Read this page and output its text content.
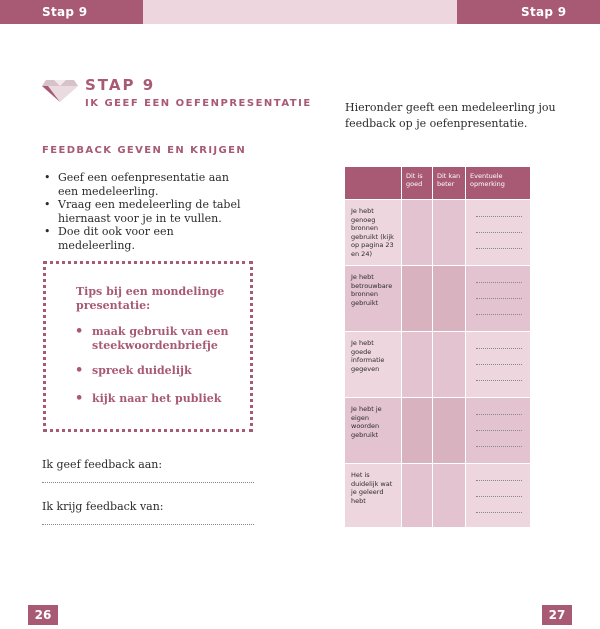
Stap 9	Stap 9
STAP 9
IK GEEF EEN OEFENPRESENTATIE
FEEDBACK GEVEN EN KRIJGEN
• Geef een oefenpresentatie aan een medeleerling.
• Vraag een medeleerling de tabel hiernaast voor je in te vullen.
• Doe dit ook voor een medeleerling.
Tips bij een mondelinge presentatie:
• maak gebruik van een steekwoordenbriefje
• spreek duidelijk
• kijk naar het publiek
Ik geef feedback aan:
Ik krijg feedback van:
Hieronder geeft een medeleerling jou feedback op je oefenpresentatie.
Dit is goed
Dit kan beter
Eventuele opmerking
Je hebt genoeg bronnen gebruikt (kijk op pagina 23 en 24)
Je hebt betrouwbare bronnen gebruikt
Je hebt goede informatie gegeven
Je hebt je eigen woorden gebruikt
Het is duidelijk wat je geleerd hebt
26	27
